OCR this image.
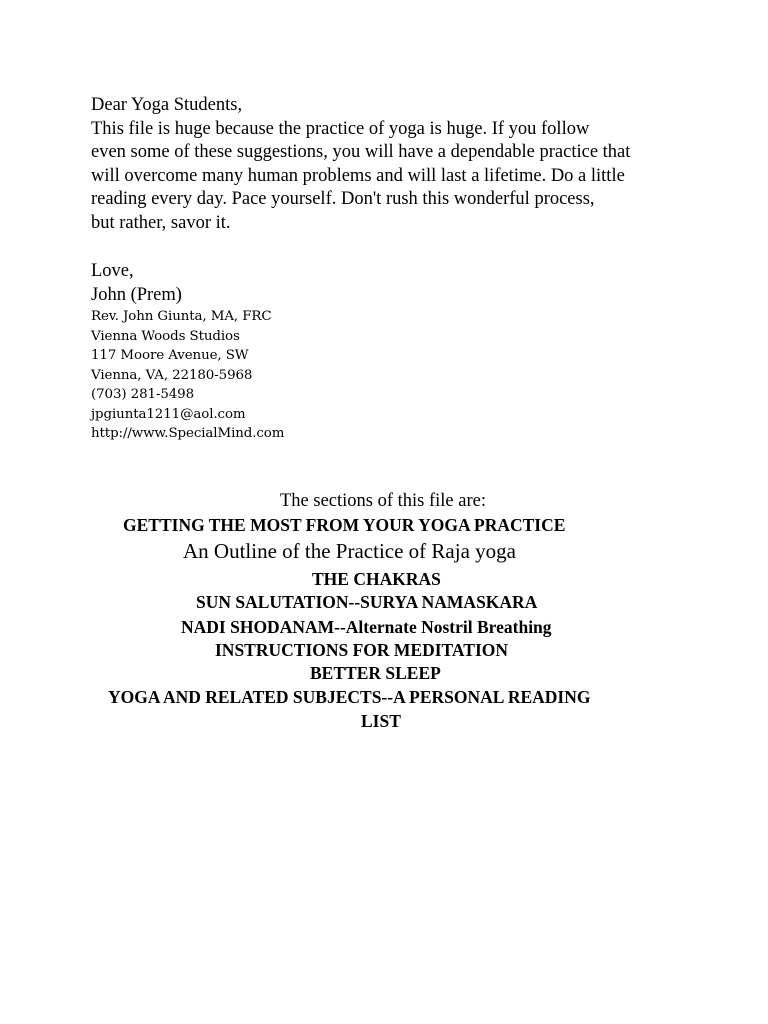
Dear Yoga Students,
This file is huge because the practice of yoga is huge. If you follow
even some of these suggestions, you will have a dependable practice that
will overcome many human problems and will last a lifetime. Do a little
reading every day. Pace yourself. Don't rush this wonderful process,
but rather, savor it.
Love,
John (Prem)
Rev. John Giunta, MA, FRC
Vienna Woods Studios
117 Moore Avenue, SW
Vienna, VA, 22180-5968
(703) 281-5498
jpgiunta1211@aol.com
http://www.SpecialMind.com
The sections of this file are:
GETTING THE MOST FROM YOUR YOGA PRACTICE
An Outline of the Practice of Raja yoga
THE CHAKRAS
SUN SALUTATION--SURYA NAMASKARA
NADI SHODANAM--Alternate Nostril Breathing
INSTRUCTIONS FOR MEDITATION
BETTER SLEEP
YOGA AND RELATED SUBJECTS--A PERSONAL READING
LIST
